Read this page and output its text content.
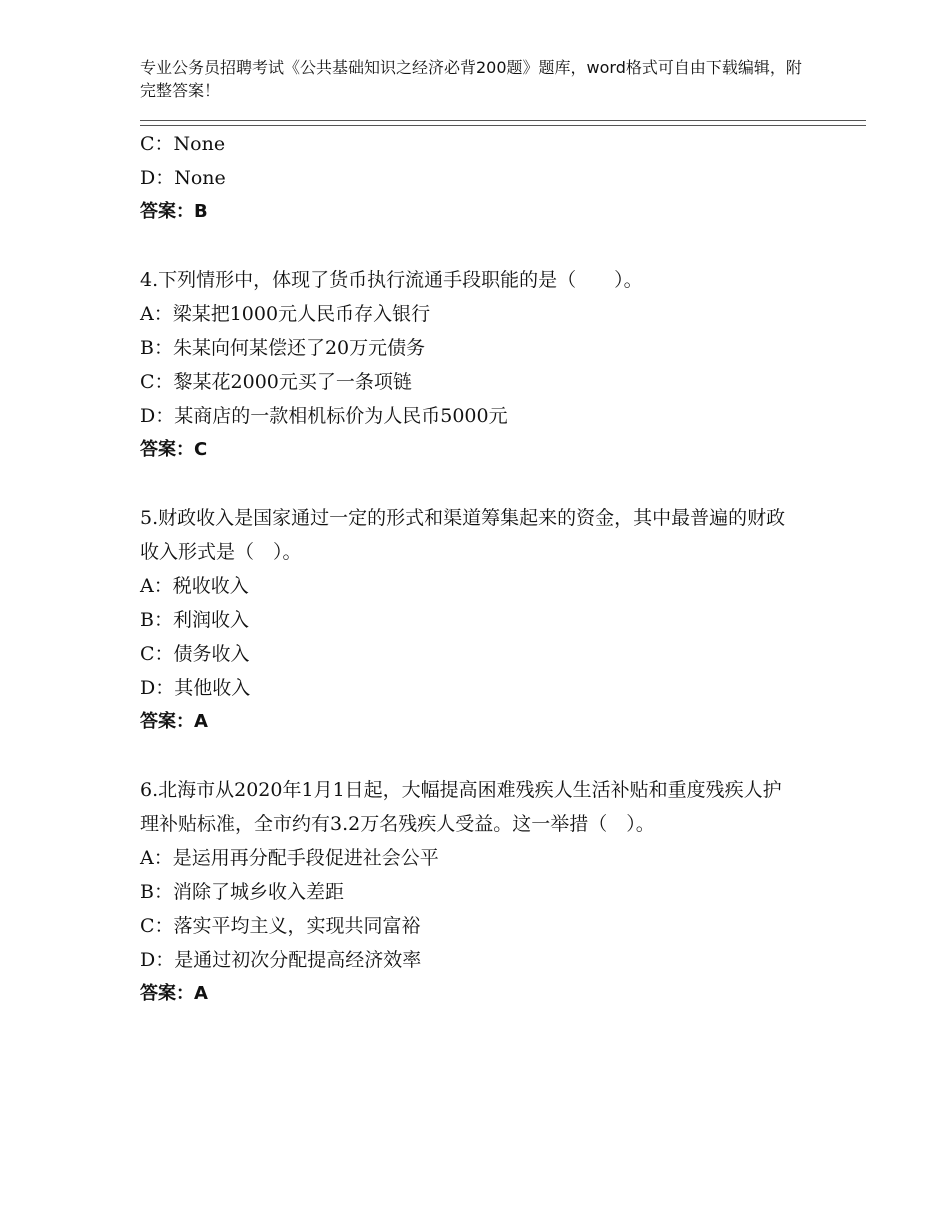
专业公务员招聘考试《公共基础知识之经济必背200题》题库，word格式可自由下载编辑，附完整答案！
C：None
D：None
答案：B
4.下列情形中，体现了货币执行流通手段职能的是（　　）。
A：梁某把1000元人民币存入银行
B：朱某向何某偿还了20万元债务
C：黎某花2000元买了一条项链
D：某商店的一款相机标价为人民币5000元
答案：C
5.财政收入是国家通过一定的形式和渠道筹集起来的资金，其中最普遍的财政收入形式是（　）。
A：税收收入
B：利润收入
C：债务收入
D：其他收入
答案：A
6.北海市从2020年1月1日起，大幅提高困难残疾人生活补贴和重度残疾人护理补贴标准，全市约有3.2万名残疾人受益。这一举措（　）。
A：是运用再分配手段促进社会公平
B：消除了城乡收入差距
C：落实平均主义，实现共同富裕
D：是通过初次分配提高经济效率
答案：A
